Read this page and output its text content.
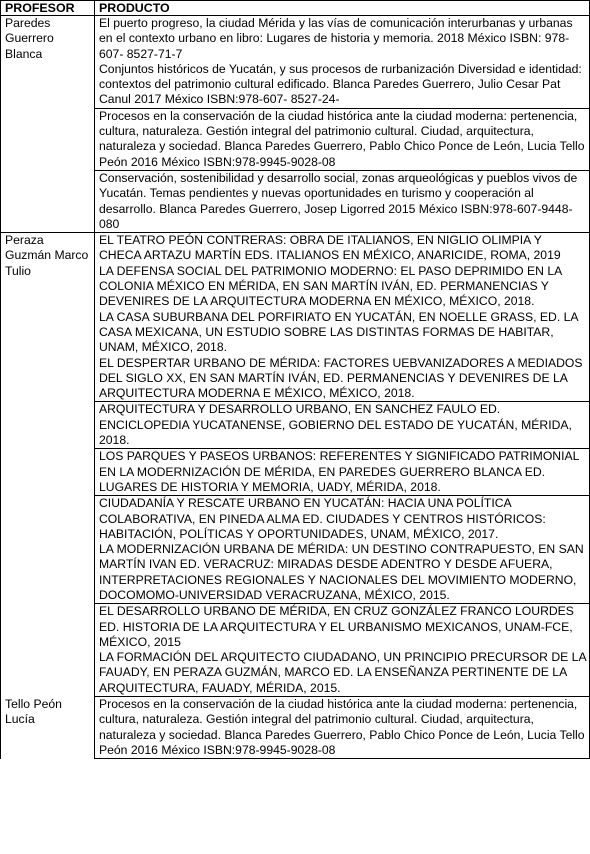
PROFESOR	PRODUCTO

Paredes Guerrero Blanca	El puerto progreso, la ciudad Mérida y las vías de comunicación interurbanas y urbanas en el contexto urbano en libro: Lugares de historia y memoria. 2018 México ISBN: 978-607- 8527-71-7

Conjuntos históricos de Yucatán, y sus procesos de rurbanización Diversidad e identidad: contextos del patrimonio cultural edificado. Blanca Paredes Guerrero, Julio Cesar Pat Canul 2017 México ISBN:978-607- 8527-24-

	Procesos en la conservación de la ciudad histórica ante la ciudad moderna: pertenencia, cultura, naturaleza. Gestión integral del patrimonio cultural. Ciudad, arquitectura, naturaleza y sociedad. Blanca Paredes Guerrero, Pablo Chico Ponce de León, Lucia Tello Peón 2016 México ISBN:978-9945-9028-08

	Conservación, sostenibilidad y desarrollo social, zonas arqueológicas y pueblos vivos de Yucatán. Temas pendientes y nuevas oportunidades en turismo y cooperación al desarrollo. Blanca Paredes Guerrero, Josep Ligorred 2015 México ISBN:978-607-9448-080

Peraza Guzmán Marco Tulio	EL TEATRO PEÓN CONTRERAS: OBRA DE ITALIANOS, EN NIGLIO OLIMPIA Y CHECA ARTAZU MARTÍN EDS. ITALIANOS EN MÉXICO, ANARICIDE, ROMA, 2019

LA DEFENSA SOCIAL DEL PATRIMONIO MODERNO: EL PASO DEPRIMIDO EN LA COLONIA MÉXICO EN MÉRIDA, EN SAN MARTÍN IVÁN, ED. PERMANENCIAS Y DEVENIRES DE LA ARQUITECTURA MODERNA EN MÉXICO, MÉXICO, 2018.

LA CASA SUBURBANA DEL PORFIRIATO EN YUCATÁN, EN NOELLE GRASS, ED. LA CASA MEXICANA, UN ESTUDIO SOBRE LAS DISTINTAS FORMAS DE HABITAR, UNAM, MÉXICO, 2018.

EL DESPERTAR URBANO DE MÉRIDA: FACTORES UEBVANIZADORES A MEDIADOS DEL SIGLO XX, EN SAN MARTÍN IVÁN, ED. PERMANENCIAS Y DEVENIRES DE LA ARQUITECTURA MODERNA E MÉXICO, MÉXICO, 2018.

	ARQUITECTURA Y DESARROLLO URBANO, EN SANCHEZ FAULO ED. ENCICLOPEDIA YUCATANENSE, GOBIERNO DEL ESTADO DE YUCATÁN, MÉRIDA, 2018.

	LOS PARQUES Y PASEOS URBANOS: REFERENTES Y SIGNIFICADO PATRIMONIAL EN LA MODERNIZACIÓN DE MÉRIDA, EN PAREDES GUERRERO BLANCA ED. LUGARES DE HISTORIA Y MEMORIA, UADY, MÉRIDA, 2018.

	CIUDADANÍA Y RESCATE URBANO EN YUCATÁN: HACIA UNA POLÍTICA COLABORATIVA, EN PINEDA ALMA ED. CIUDADES Y CENTROS HISTÓRICOS: HABITACIÓN, POLÍTICAS Y OPORTUNIDADES, UNAM, MÉXICO, 2017.

LA MODERNIZACIÓN URBANA DE MÉRIDA: UN DESTINO CONTRAPUESTO, EN SAN MARTÍN IVAN ED. VERACRUZ: MIRADAS DESDE ADENTRO Y DESDE AFUERA, INTERPRETACIONES REGIONALES Y NACIONALES DEL MOVIMIENTO MODERNO, DOCOMOMO-UNIVERSIDAD VERACRUZANA, MÉXICO, 2015.

	EL DESARROLLO URBANO DE MÉRIDA, EN CRUZ GONZÁLEZ FRANCO LOURDES ED. HISTORIA DE LA ARQUITECTURA Y EL URBANISMO MEXICANOS, UNAM-FCE, MÉXICO, 2015

LA FORMACIÓN DEL ARQUITECTO CIUDADANO, UN PRINCIPIO PRECURSOR DE LA FAUADY, EN PERAZA GUZMÁN, MARCO ED. LA ENSEÑANZA PERTINENTE DE LA ARQUITECTURA, FAUADY, MÉRIDA, 2015.

Tello Peón Lucía	Procesos en la conservación de la ciudad histórica ante la ciudad moderna: pertenencia, cultura, naturaleza. Gestión integral del patrimonio cultural. Ciudad, arquitectura, naturaleza y sociedad. Blanca Paredes Guerrero, Pablo Chico Ponce de León, Lucia Tello Peón 2016 México ISBN:978-9945-9028-08
